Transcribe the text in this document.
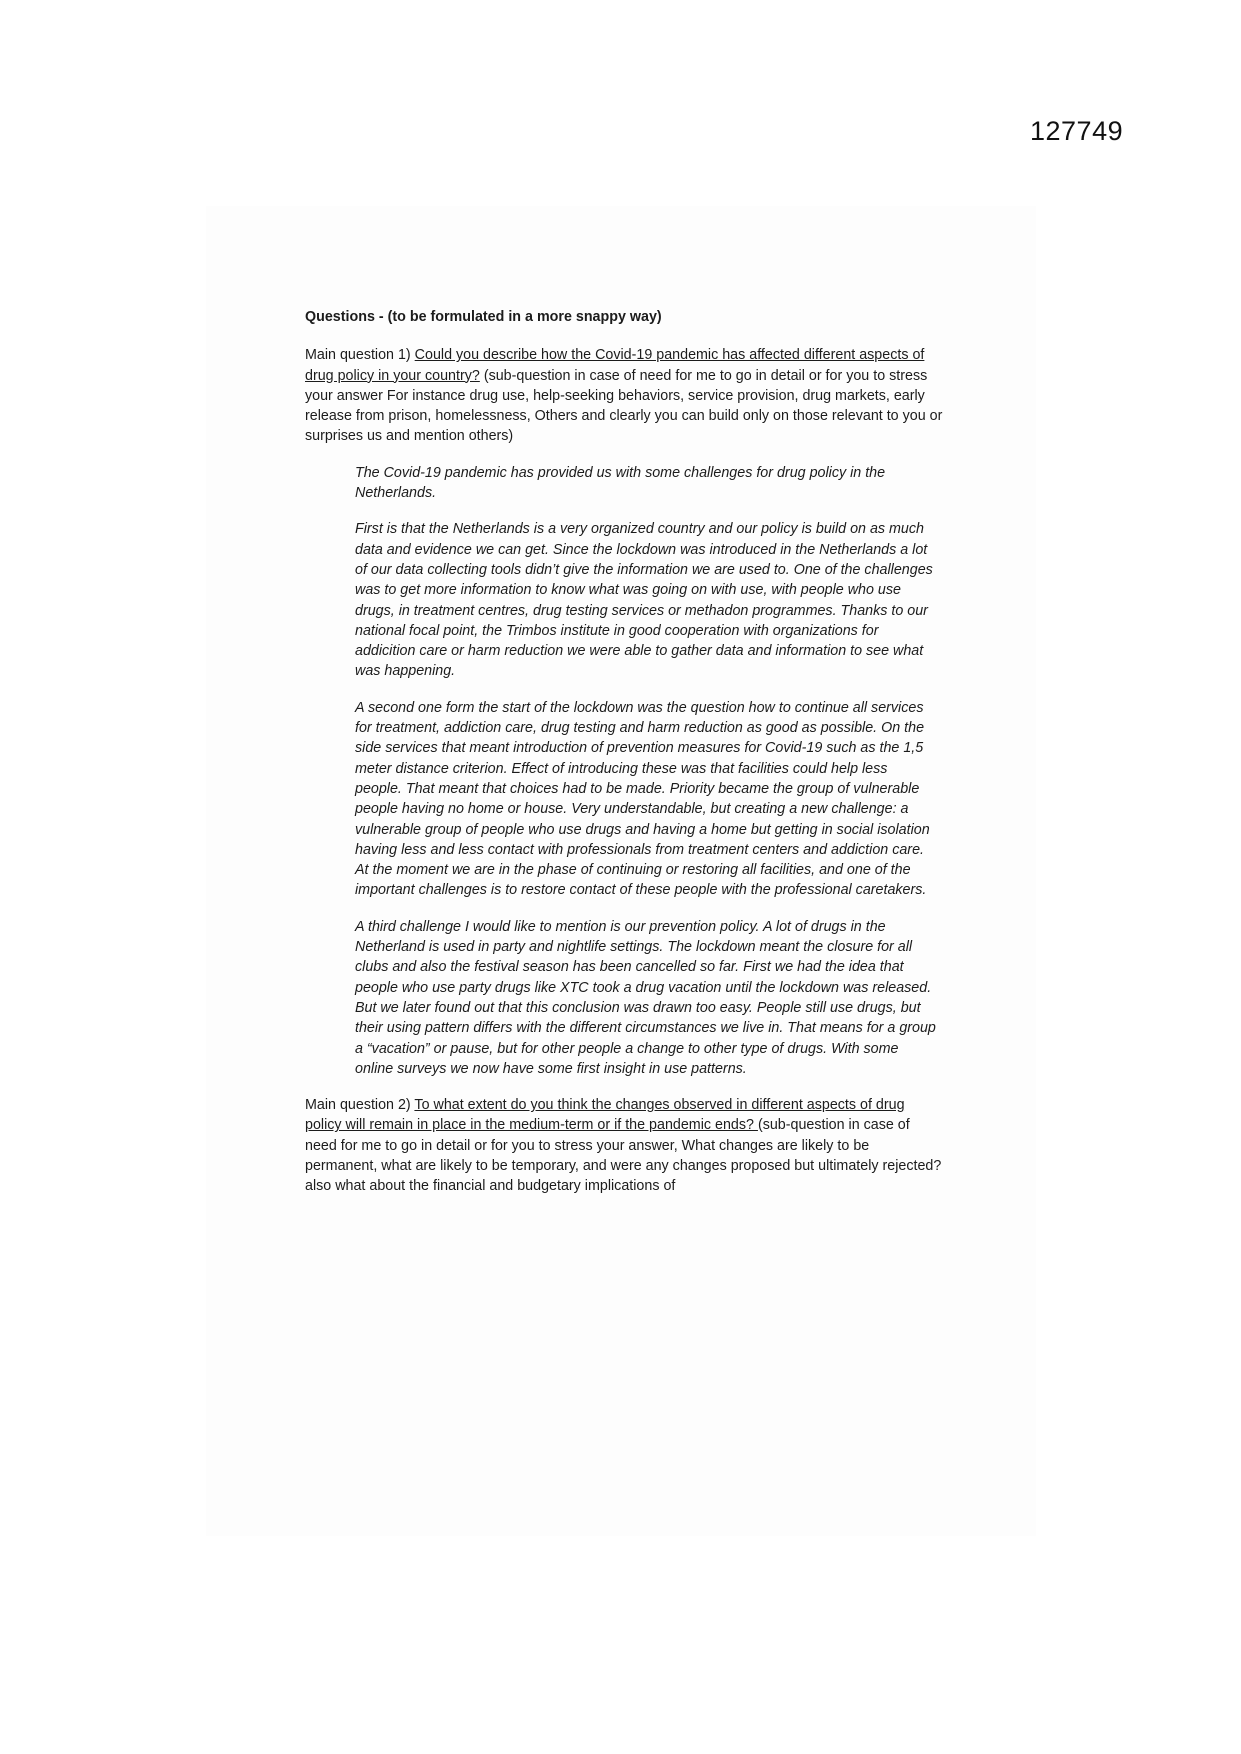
127749

Questions - (to be formulated in a more snappy way)

Main question 1) Could you describe how the Covid-19 pandemic has affected different aspects of drug policy in your country? (sub-question in case of need for me to go in detail or for you to stress your answer For instance drug use, help-seeking behaviors, service provision, drug markets, early release from prison, homelessness, Others and clearly you can build only on those relevant to you or surprises us and mention others)

The Covid-19 pandemic has provided us with some challenges for drug policy in the Netherlands.

First is that the Netherlands is a very organized country and our policy is build on as much data and evidence we can get. Since the lockdown was introduced in the Netherlands a lot of our data collecting tools didn’t give the information we are used to. One of the challenges was to get more information to know what was going on with use, with people who use drugs, in treatment centres, drug testing services or methadon programmes. Thanks to our national focal point, the Trimbos institute in good cooperation with organizations for addicition care or harm reduction we were able to gather data and information to see what was happening.

A second one form the start of the lockdown was the question how to continue all services for treatment, addiction care, drug testing and harm reduction as good as possible. On the side services that meant introduction of prevention measures for Covid-19 such as the 1,5 meter distance criterion. Effect of introducing these was that facilities could help less people. That meant that choices had to be made. Priority became the group of vulnerable people having no home or house. Very understandable, but creating a new challenge: a vulnerable group of people who use drugs and having a home but getting in social isolation having less and less contact with professionals from treatment centers and addiction care. At the moment we are in the phase of continuing or restoring all facilities, and one of the important challenges is to restore contact of these people with the professional caretakers.

A third challenge I would like to mention is our prevention policy. A lot of drugs in the Netherland is used in party and nightlife settings. The lockdown meant the closure for all clubs and also the festival season has been cancelled so far. First we had the idea that people who use party drugs like XTC took a drug vacation until the lockdown was released. But we later found out that this conclusion was drawn too easy. People still use drugs, but their using pattern differs with the different circumstances we live in. That means for a group a “vacation” or pause, but for other people a change to other type of drugs. With some online surveys we now have some first insight in use patterns.

Main question 2) To what extent do you think the changes observed in different aspects of drug policy will remain in place in the medium-term or if the pandemic ends? (sub-question in case of need for me to go in detail or for you to stress your answer, What changes are likely to be permanent, what are likely to be temporary, and were any changes proposed but ultimately rejected? also what about the financial and budgetary implications of
